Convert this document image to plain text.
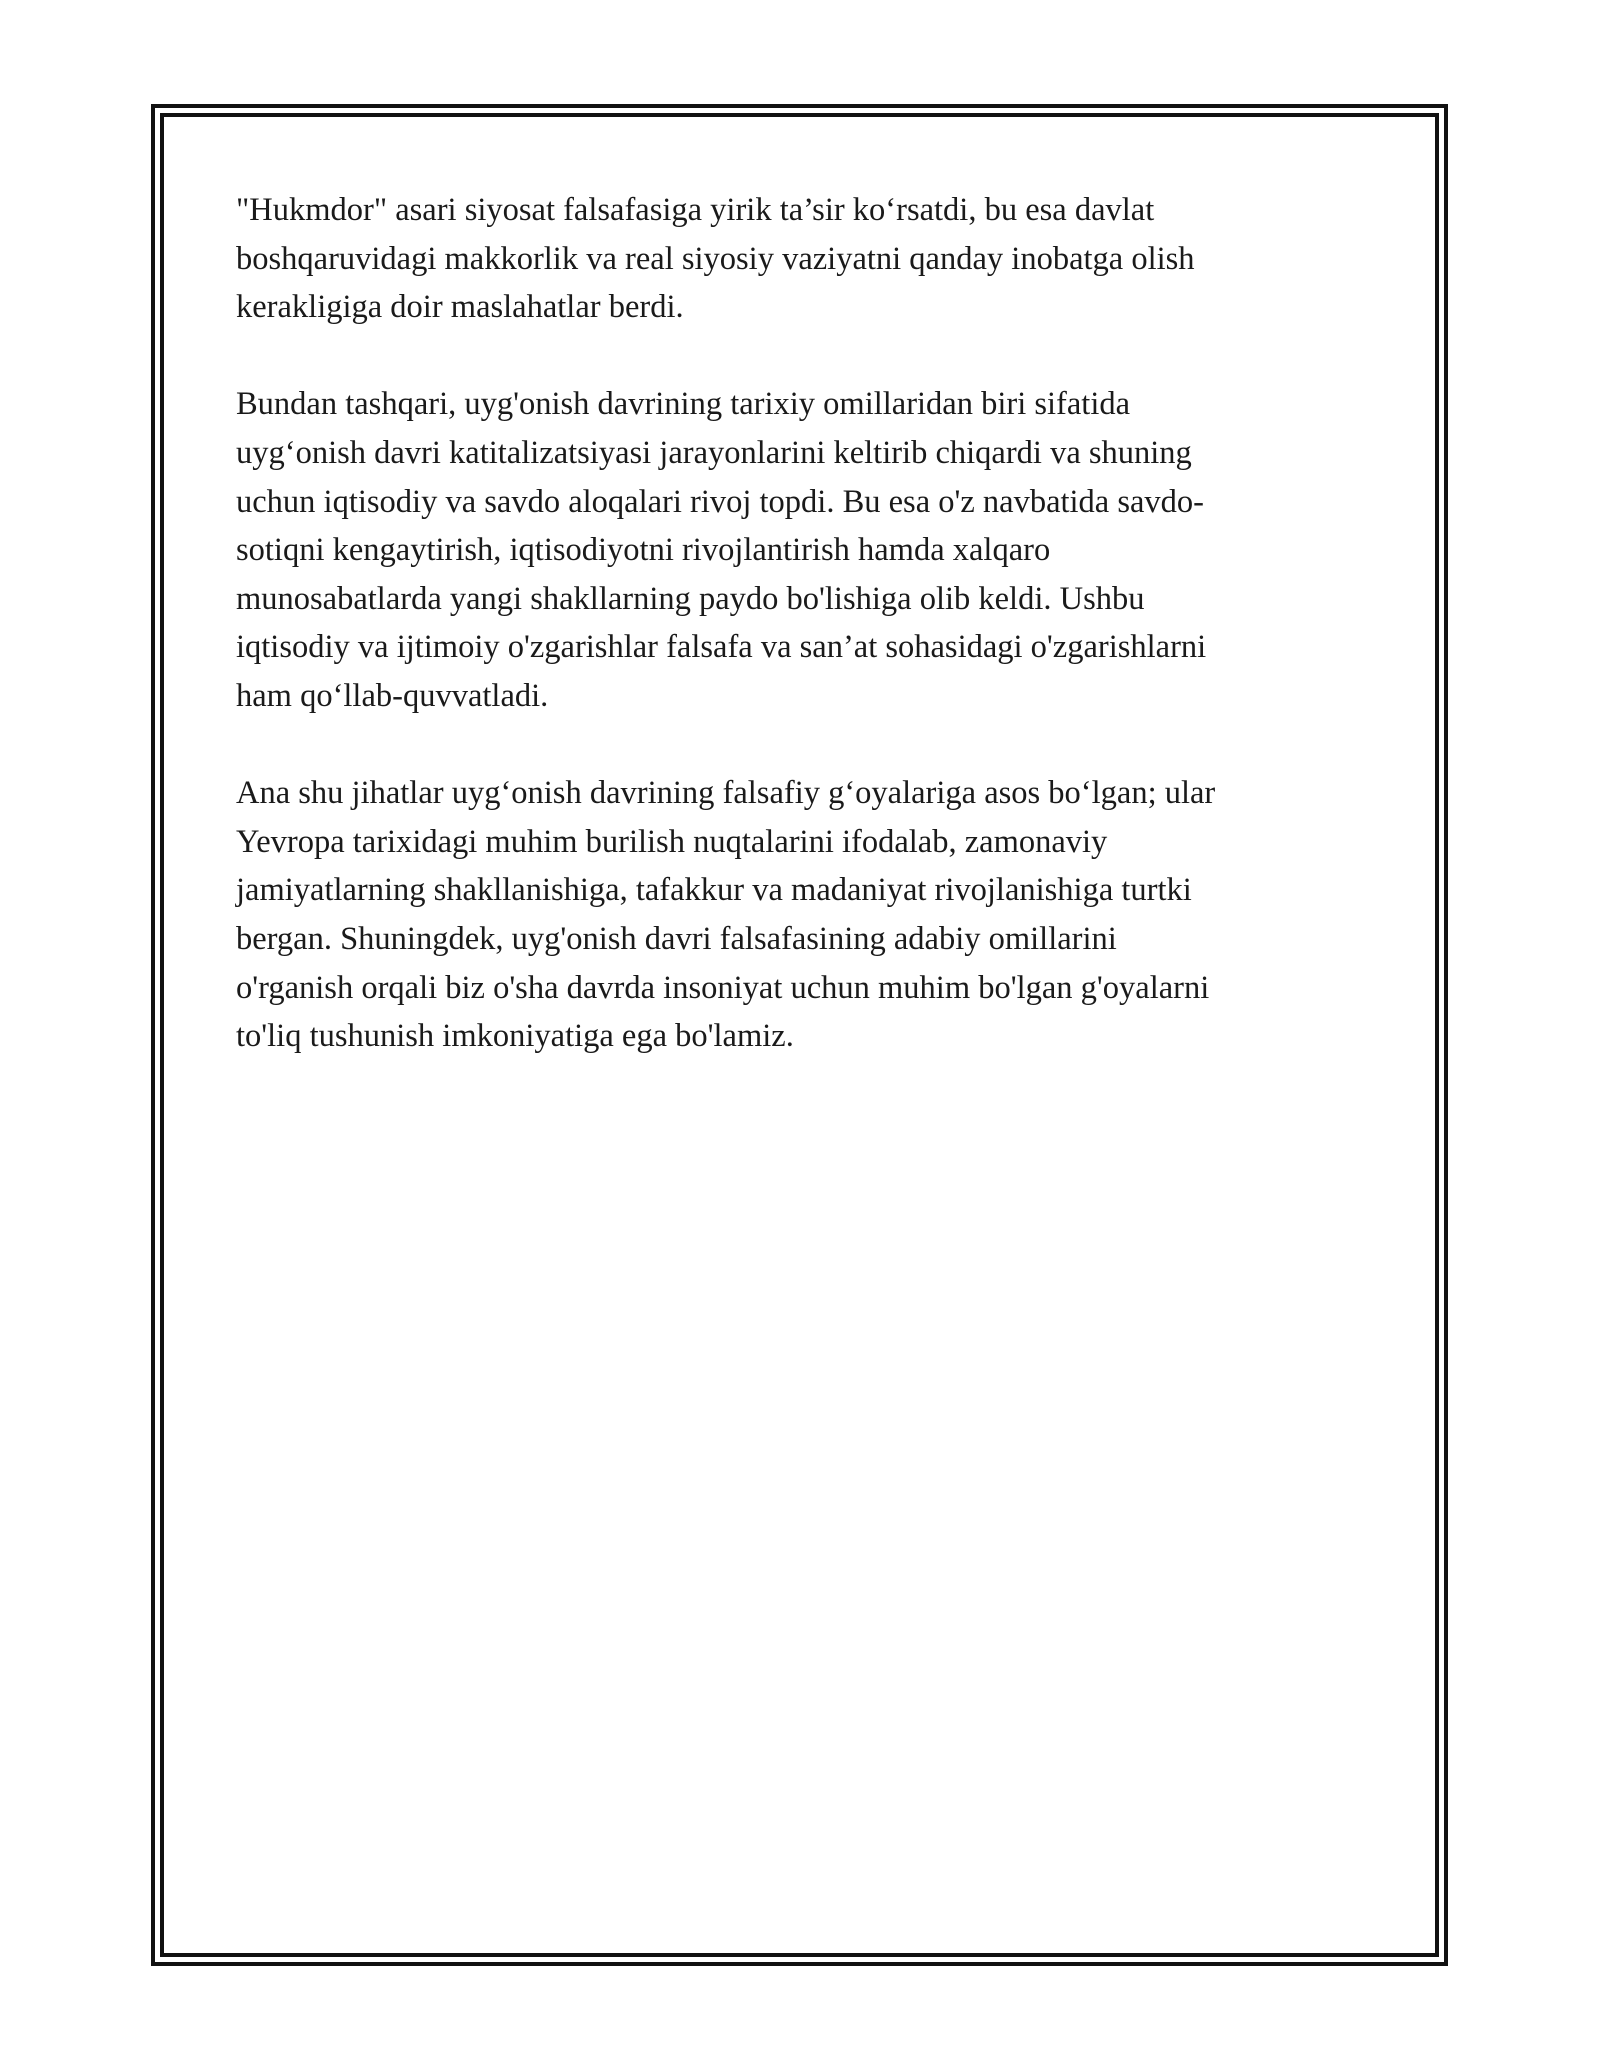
"Hukmdor" asari siyosat falsafasiga yirik ta’sir ko‘rsatdi, bu esa davlat
boshqaruvidagi makkorlik va real siyosiy vaziyatni qanday inobatga olish
kerakligiga doir maslahatlar berdi.

Bundan tashqari, uyg'onish davrining tarixiy omillaridan biri sifatida
uyg‘onish davri katitalizatsiyasi jarayonlarini keltirib chiqardi va shuning
uchun iqtisodiy va savdo aloqalari rivoj topdi. Bu esa o'z navbatida savdo-
sotiqni kengaytirish, iqtisodiyotni rivojlantirish hamda xalqaro
munosabatlarda yangi shakllarning paydo bo'lishiga olib keldi. Ushbu
iqtisodiy va ijtimoiy o'zgarishlar falsafa va san’at sohasidagi o'zgarishlarni
ham qo‘llab-quvvatladi.

Ana shu jihatlar uyg‘onish davrining falsafiy g‘oyalariga asos bo‘lgan; ular
Yevropa tarixidagi muhim burilish nuqtalarini ifodalab, zamonaviy
jamiyatlarning shakllanishiga, tafakkur va madaniyat rivojlanishiga turtki
bergan. Shuningdek, uyg'onish davri falsafasining adabiy omillarini
o'rganish orqali biz o'sha davrda insoniyat uchun muhim bo'lgan g'oyalarni
to'liq tushunish imkoniyatiga ega bo'lamiz.
